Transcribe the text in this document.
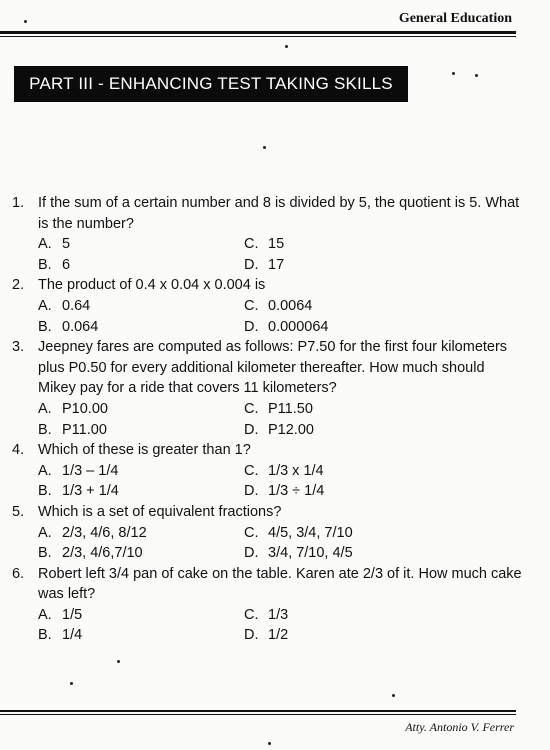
General Education
PART III - ENHANCING TEST TAKING SKILLS
1. If the sum of a certain number and 8 is divided by 5, the quotient is 5. What is the number?
A. 5	C. 15
B. 6	D. 17
2. The product of 0.4 x 0.04 x 0.004 is
A. 0.64	C. 0.0064
B. 0.064	D. 0.000064
3. Jeepney fares are computed as follows: P7.50 for the first four kilometers plus P0.50 for every additional kilometer thereafter. How much should Mikey pay for a ride that covers 11 kilometers?
A. P10.00	C. P11.50
B. P11.00	D. P12.00
4. Which of these is greater than 1?
A. 1/3 – 1/4	C. 1/3 x 1/4
B. 1/3 + 1/4	D. 1/3 ÷ 1/4
5. Which is a set of equivalent fractions?
A. 2/3, 4/6, 8/12	C. 4/5, 3/4, 7/10
B. 2/3, 4/6,7/10	D. 3/4, 7/10, 4/5
6. Robert left 3/4 pan of cake on the table. Karen ate 2/3 of it. How much cake was left?
A. 1/5	C. 1/3
B. 1/4	D. 1/2
Atty. Antonio V. Ferrer
